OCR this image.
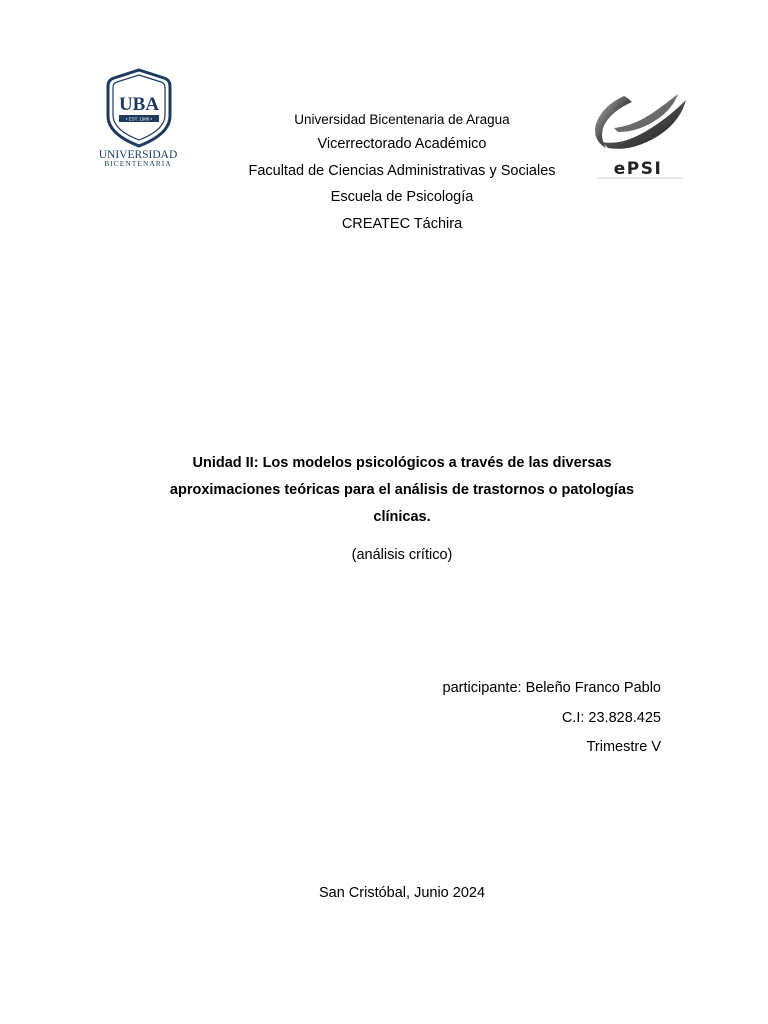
UBA
• EST. 1986 •
UNIVERSIDAD
BICENTENARIA
Universidad Bicentenaria de Aragua
Vicerrectorado Académico
Facultad de Ciencias Administrativas y Sociales
Escuela de Psicología
CREATEC Táchira
ePSI

Unidad II: Los modelos psicológicos a través de las diversas
aproximaciones teóricas para el análisis de trastornos o patologías
clínicas.

(análisis crítico)
participante: Beleño Franco Pablo
C.I: 23.828.425
Trimestre V
San Cristóbal, Junio 2024
